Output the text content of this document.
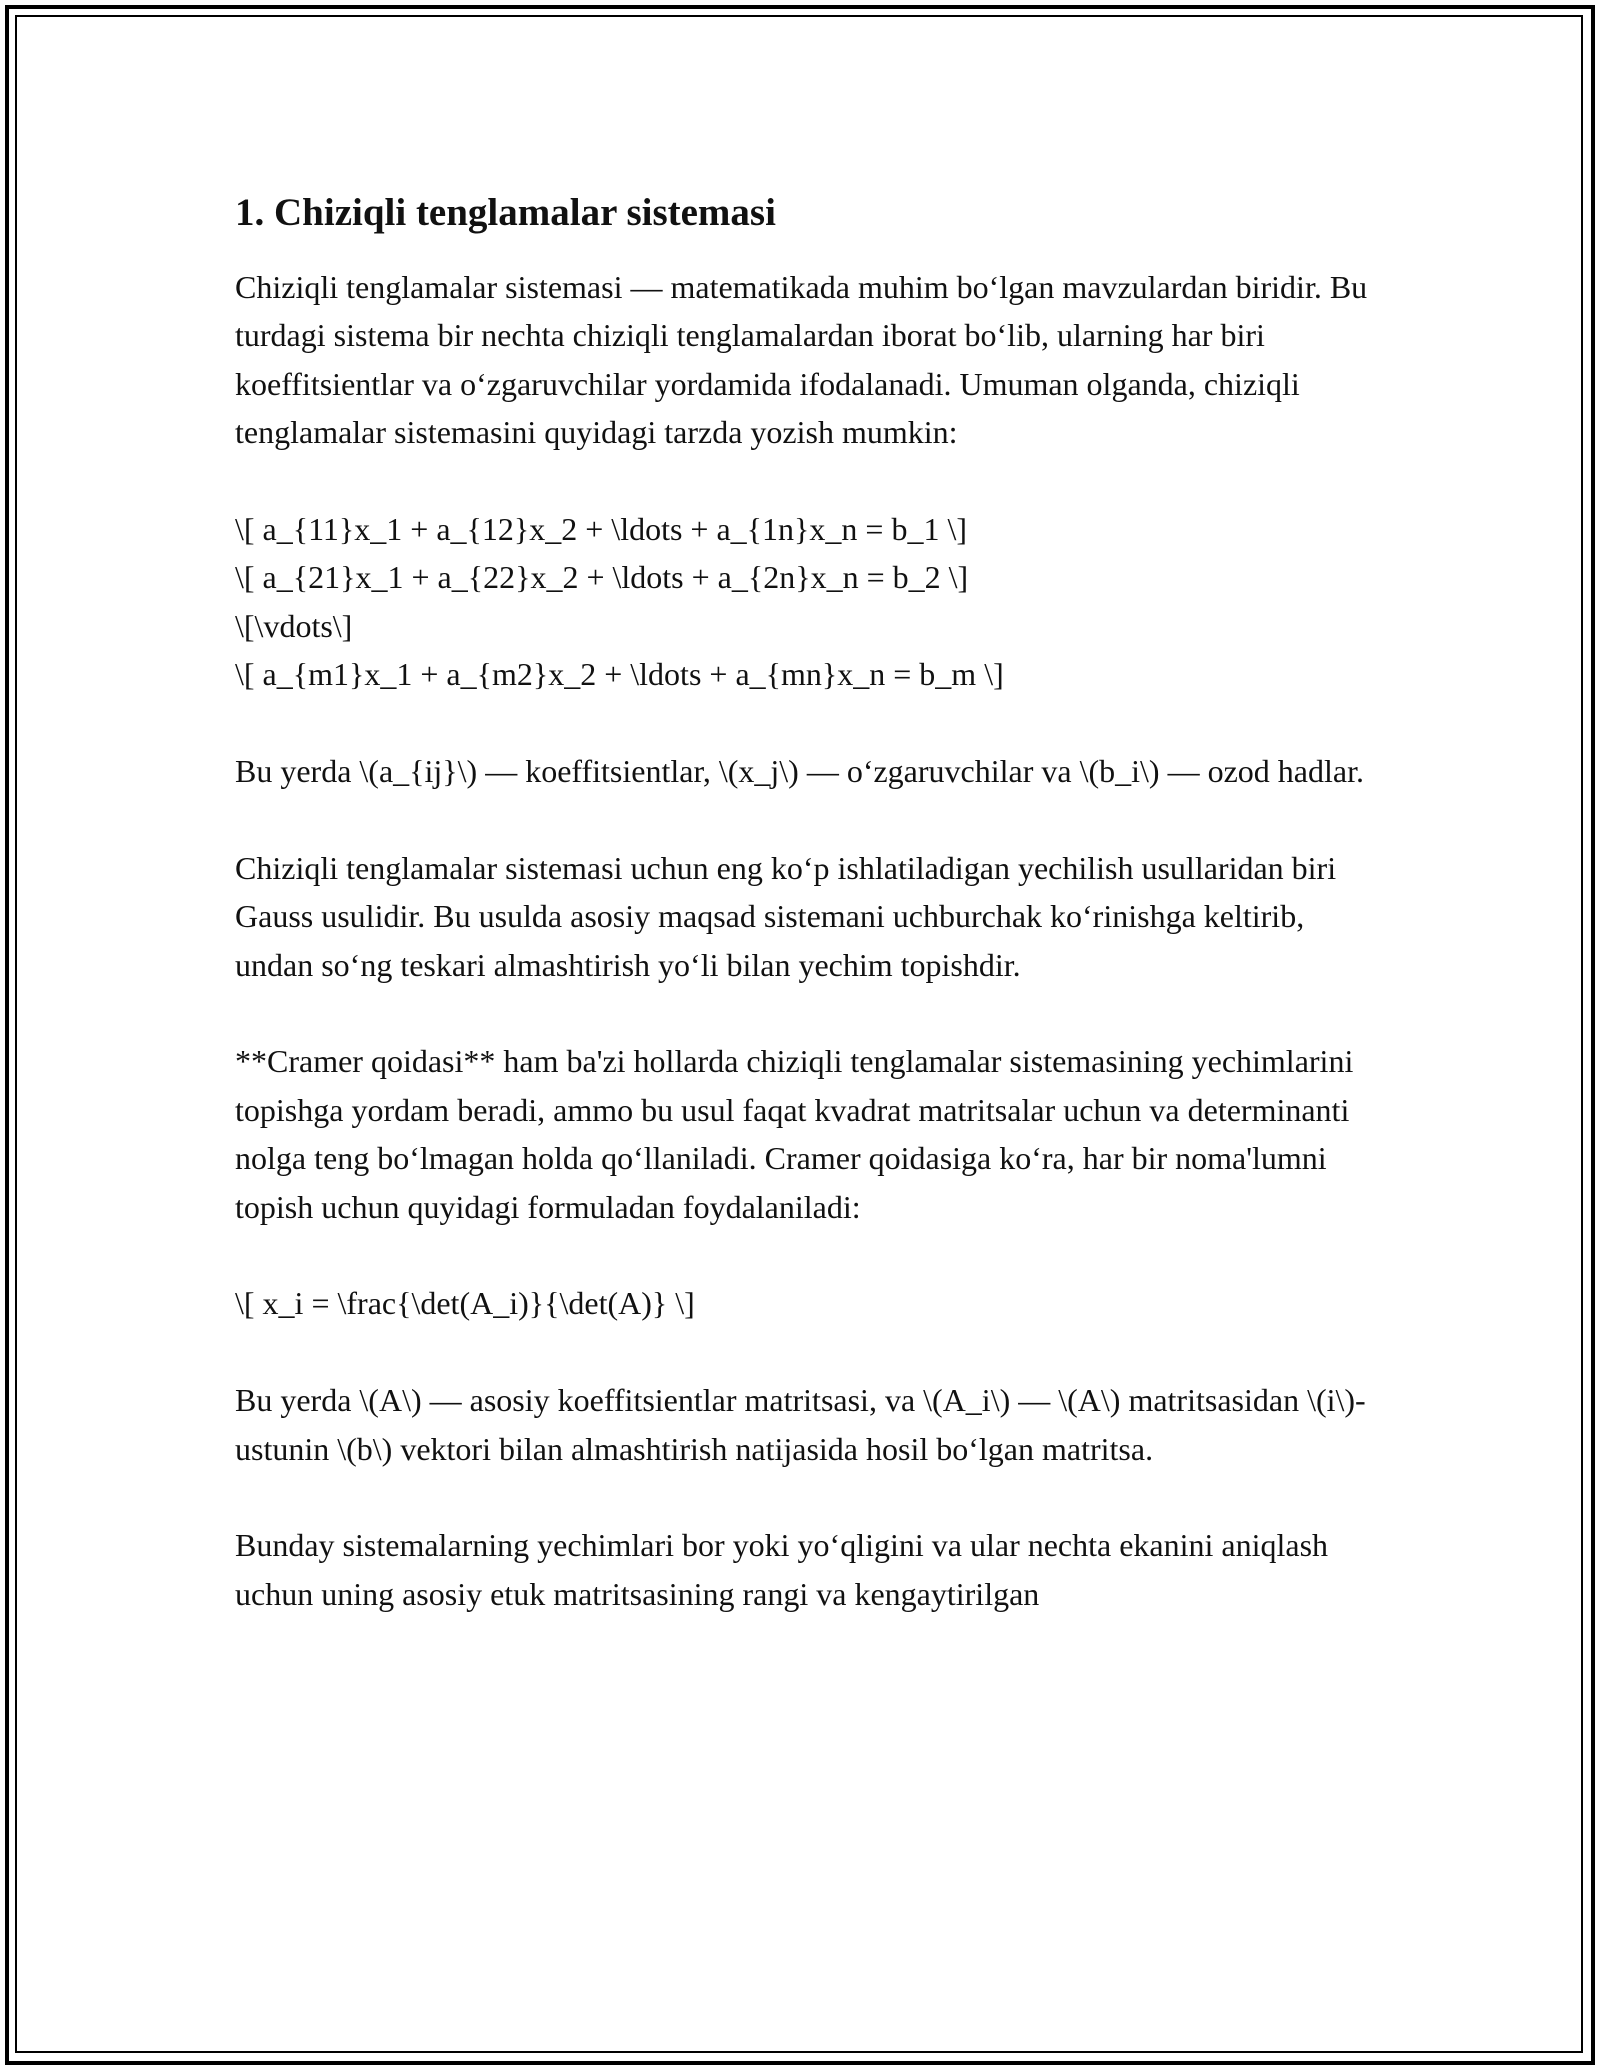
1. Chiziqli tenglamalar sistemasi
Chiziqli tenglamalar sistemasi — matematikada muhim bo‘lgan mavzulardan biridir. Bu turdagi sistema bir nechta chiziqli tenglamalardan iborat bo‘lib, ularning har biri koeffitsientlar va o‘zgaruvchilar yordamida ifodalanadi. Umuman olganda, chiziqli tenglamalar sistemasini quyidagi tarzda yozish mumkin:
\[ a_{11}x_1 + a_{12}x_2 + \ldots + a_{1n}x_n = b_1 \]
\[ a_{21}x_1 + a_{22}x_2 + \ldots + a_{2n}x_n = b_2 \]
\[\vdots\]
\[ a_{m1}x_1 + a_{m2}x_2 + \ldots + a_{mn}x_n = b_m \]
Bu yerda \(a_{ij}\) — koeffitsientlar, \(x_j\) — o‘zgaruvchilar va \(b_i\) — ozod hadlar.
Chiziqli tenglamalar sistemasi uchun eng ko‘p ishlatiladigan yechilish usullaridan biri Gauss usulidir. Bu usulda asosiy maqsad sistemani uchburchak ko‘rinishga keltirib, undan so‘ng teskari almashtirish yo‘li bilan yechim topishdir.
**Cramer qoidasi** ham ba'zi hollarda chiziqli tenglamalar sistemasining yechimlarini topishga yordam beradi, ammo bu usul faqat kvadrat matritsalar uchun va determinanti nolga teng bo‘lmagan holda qo‘llaniladi. Cramer qoidasiga ko‘ra, har bir noma'lumni topish uchun quyidagi formuladan foydalaniladi:
\[ x_i = \frac{\det(A_i)}{\det(A)} \]
Bu yerda \(A\) — asosiy koeffitsientlar matritsasi, va \(A_i\) — \(A\) matritsasidan \(i\)-ustunin \(b\) vektori bilan almashtirish natijasida hosil bo‘lgan matritsa.
Bunday sistemalarning yechimlari bor yoki yo‘qligini va ular nechta ekanini aniqlash uchun uning asosiy etuk matritsasining rangi va kengaytirilgan
